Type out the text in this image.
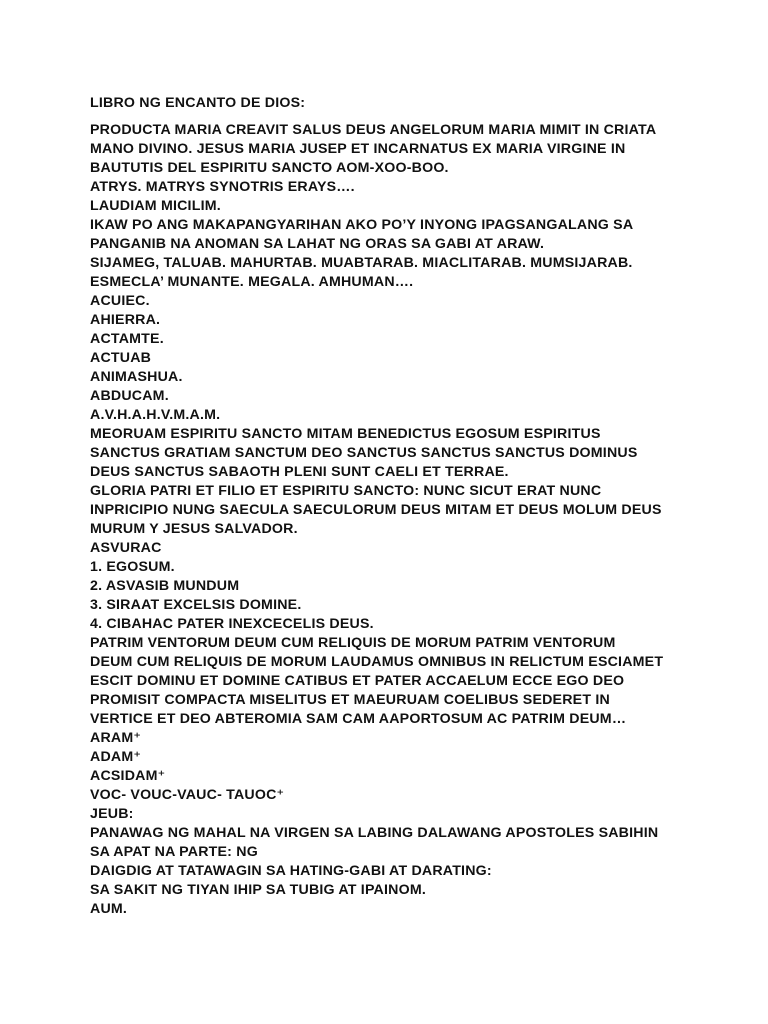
LIBRO NG ENCANTO DE DIOS:
PRODUCTA MARIA CREAVIT SALUS DEUS ANGELORUM MARIA MIMIT IN CRIATA
MANO DIVINO. JESUS MARIA JUSEP ET INCARNATUS EX MARIA VIRGINE IN
BAUTUTIS DEL ESPIRITU SANCTO AOM-XOO-BOO.
ATRYS. MATRYS SYNOTRIS ERAYS….
LAUDIAM MICILIM.
IKAW PO ANG MAKAPANGYARIHAN AKO PO’Y INYONG IPAGSANGALANG SA
PANGANIB NA ANOMAN SA LAHAT NG ORAS SA GABI AT ARAW.
SIJAMEG, TALUAB. MAHURTAB. MUABTARAB. MIACLITARAB. MUMSIJARAB.
ESMECLA’ MUNANTE. MEGALA. AMHUMAN….
ACUIEC.
AHIERRA.
ACTAMTE.
ACTUAB
ANIMASHUA.
ABDUCAM.
A.V.H.A.H.V.M.A.M.
MEORUAM ESPIRITU SANCTO MITAM BENEDICTUS EGOSUM ESPIRITUS
SANCTUS GRATIAM SANCTUM DEO SANCTUS SANCTUS SANCTUS DOMINUS
DEUS SANCTUS SABAOTH PLENI SUNT CAELI ET TERRAE.
GLORIA PATRI ET FILIO ET ESPIRITU SANCTO: NUNC SICUT ERAT NUNC
INPRICIPIO NUNG SAECULA SAECULORUM DEUS MITAM ET DEUS MOLUM DEUS
MURUM Y JESUS SALVADOR.
ASVURAC
1. EGOSUM.
2. ASVASIB MUNDUM
3. SIRAAT EXCELSIS DOMINE.
4. CIBAHAC PATER INEXCECELIS DEUS.
PATRIM VENTORUM DEUM CUM RELIQUIS DE MORUM PATRIM VENTORUM
DEUM CUM RELIQUIS DE MORUM LAUDAMUS OMNIBUS IN RELICTUM ESCIAMET
ESCIT DOMINU ET DOMINE CATIBUS ET PATER ACCAELUM ECCE EGO DEO
PROMISIT COMPACTA MISELITUS ET MAEURUAM COELIBUS SEDERET IN
VERTICE ET DEO ABTEROMIA SAM CAM AAPORTOSUM AC PATRIM DEUM…
ARAM⁺
ADAM⁺
ACSIDAM⁺
VOC- VOUC-VAUC- TAUOC⁺
JEUB:
PANAWAG NG MAHAL NA VIRGEN SA LABING DALAWANG APOSTOLES SABIHIN
SA APAT NA PARTE: NG
DAIGDIG AT TATAWAGIN SA HATING-GABI AT DARATING:
SA SAKIT NG TIYAN IHIP SA TUBIG AT IPAINOM.
AUM.
